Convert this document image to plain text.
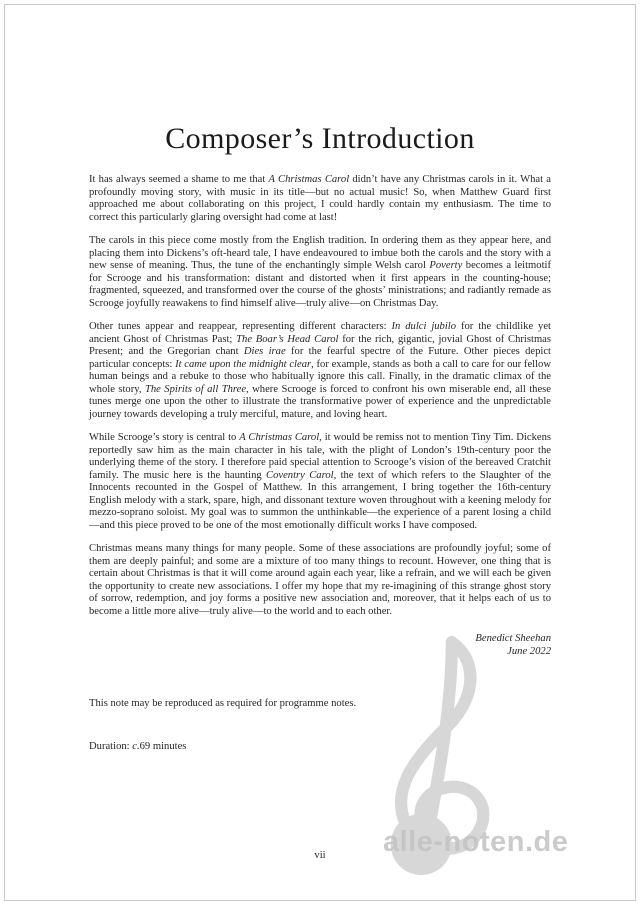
alle-noten.de
Composer’s Introduction

It has always seemed a shame to me that A Christmas Carol didn’t have any Christmas carols in it. What a profoundly moving story, with music in its title—but no actual music! So, when Matthew Guard first approached me about collaborating on this project, I could hardly contain my enthusiasm. The time to correct this particularly glaring oversight had come at last!

The carols in this piece come mostly from the English tradition. In ordering them as they appear here, and placing them into Dickens’s oft-heard tale, I have endeavoured to imbue both the carols and the story with a new sense of meaning. Thus, the tune of the enchantingly simple Welsh carol Poverty becomes a leitmotif for Scrooge and his transformation: distant and distorted when it first appears in the counting-house; fragmented, squeezed, and transformed over the course of the ghosts’ ministrations; and radiantly remade as Scrooge joyfully reawakens to find himself alive—truly alive—on Christmas Day.

Other tunes appear and reappear, representing different characters: In dulci jubilo for the childlike yet ancient Ghost of Christmas Past; The Boar’s Head Carol for the rich, gigantic, jovial Ghost of Christmas Present; and the Gregorian chant Dies irae for the fearful spectre of the Future. Other pieces depict particular concepts: It came upon the midnight clear, for example, stands as both a call to care for our fellow human beings and a rebuke to those who habitually ignore this call. Finally, in the dramatic climax of the whole story, The Spirits of all Three, where Scrooge is forced to confront his own miserable end, all these tunes merge one upon the other to illustrate the transformative power of experience and the unpredictable journey towards developing a truly merciful, mature, and loving heart.

While Scrooge’s story is central to A Christmas Carol, it would be remiss not to mention Tiny Tim. Dickens reportedly saw him as the main character in his tale, with the plight of London’s 19th-century poor the underlying theme of the story. I therefore paid special attention to Scrooge’s vision of the bereaved Cratchit family. The music here is the haunting Coventry Carol, the text of which refers to the Slaughter of the Innocents recounted in the Gospel of Matthew. In this arrangement, I bring together the 16th-century English melody with a stark, spare, high, and dissonant texture woven throughout with a keening melody for mezzo-soprano soloist. My goal was to summon the unthinkable—the experience of a parent losing a child—and this piece proved to be one of the most emotionally difficult works I have composed.

Christmas means many things for many people. Some of these associations are profoundly joyful; some of them are deeply painful; and some are a mixture of too many things to recount. However, one thing that is certain about Christmas is that it will come around again each year, like a refrain, and we will each be given the opportunity to create new associations. I offer my hope that my re-imagining of this strange ghost story of sorrow, redemption, and joy forms a positive new association and, moreover, that it helps each of us to become a little more alive—truly alive—to the world and to each other.

Benedict Sheehan
June 2022

This note may be reproduced as required for programme notes.

Duration: c.69 minutes

vii
